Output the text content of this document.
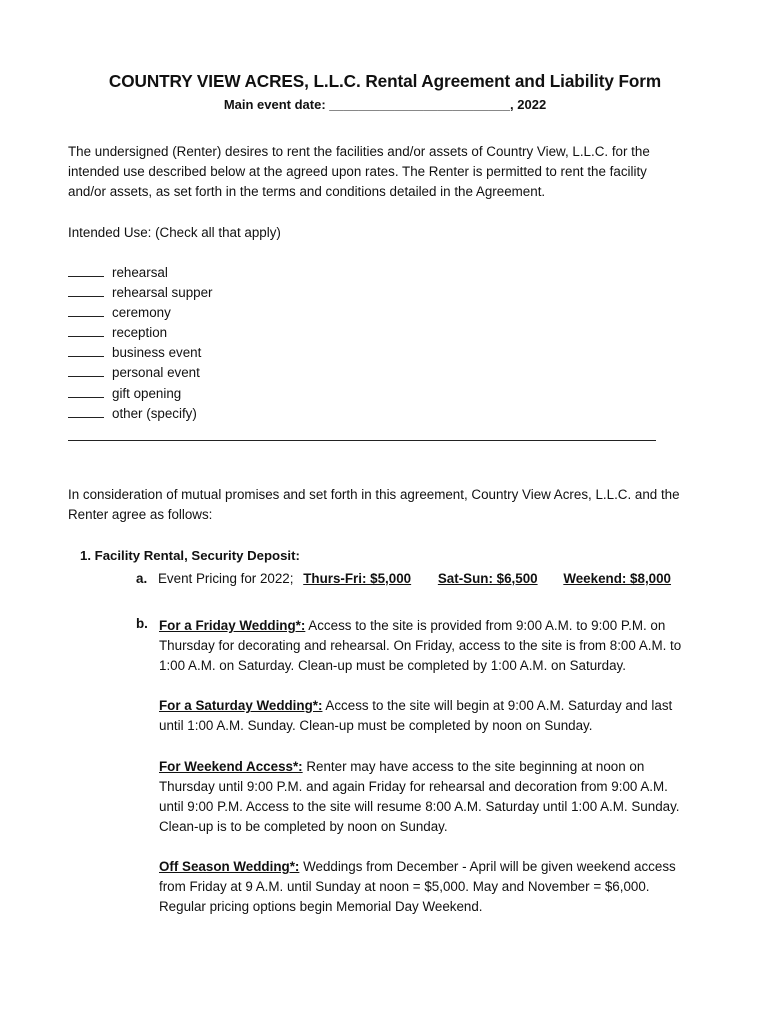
COUNTRY VIEW ACRES, L.L.C. Rental Agreement and Liability Form
Main event date: _________________________, 2022

The undersigned (Renter) desires to rent the facilities and/or assets of Country View, L.L.C. for the
intended use described below at the agreed upon rates. The Renter is permitted to rent the facility
and/or assets, as set forth in the terms and conditions detailed in the Agreement.

Intended Use: (Check all that apply)

rehearsal
rehearsal supper
ceremony
reception
business event
personal event
gift opening
other (specify)

In consideration of mutual promises and set forth in this agreement, Country View Acres, L.L.C. and the
Renter agree as follows:

1. Facility Rental, Security Deposit:
a. Event Pricing for 2022; Thurs-Fri: $5,000 Sat-Sun: $6,500 Weekend: $8,000
b. For a Friday Wedding*: Access to the site is provided from 9:00 A.M. to 9:00 P.M. on
Thursday for decorating and rehearsal. On Friday, access to the site is from 8:00 A.M. to
1:00 A.M. on Saturday. Clean-up must be completed by 1:00 A.M. on Saturday.

For a Saturday Wedding*: Access to the site will begin at 9:00 A.M. Saturday and last
until 1:00 A.M. Sunday. Clean-up must be completed by noon on Sunday.

For Weekend Access*: Renter may have access to the site beginning at noon on
Thursday until 9:00 P.M. and again Friday for rehearsal and decoration from 9:00 A.M.
until 9:00 P.M. Access to the site will resume 8:00 A.M. Saturday until 1:00 A.M. Sunday.
Clean-up is to be completed by noon on Sunday.

Off Season Wedding*: Weddings from December - April will be given weekend access
from Friday at 9 A.M. until Sunday at noon = $5,000. May and November = $6,000.
Regular pricing options begin Memorial Day Weekend.
